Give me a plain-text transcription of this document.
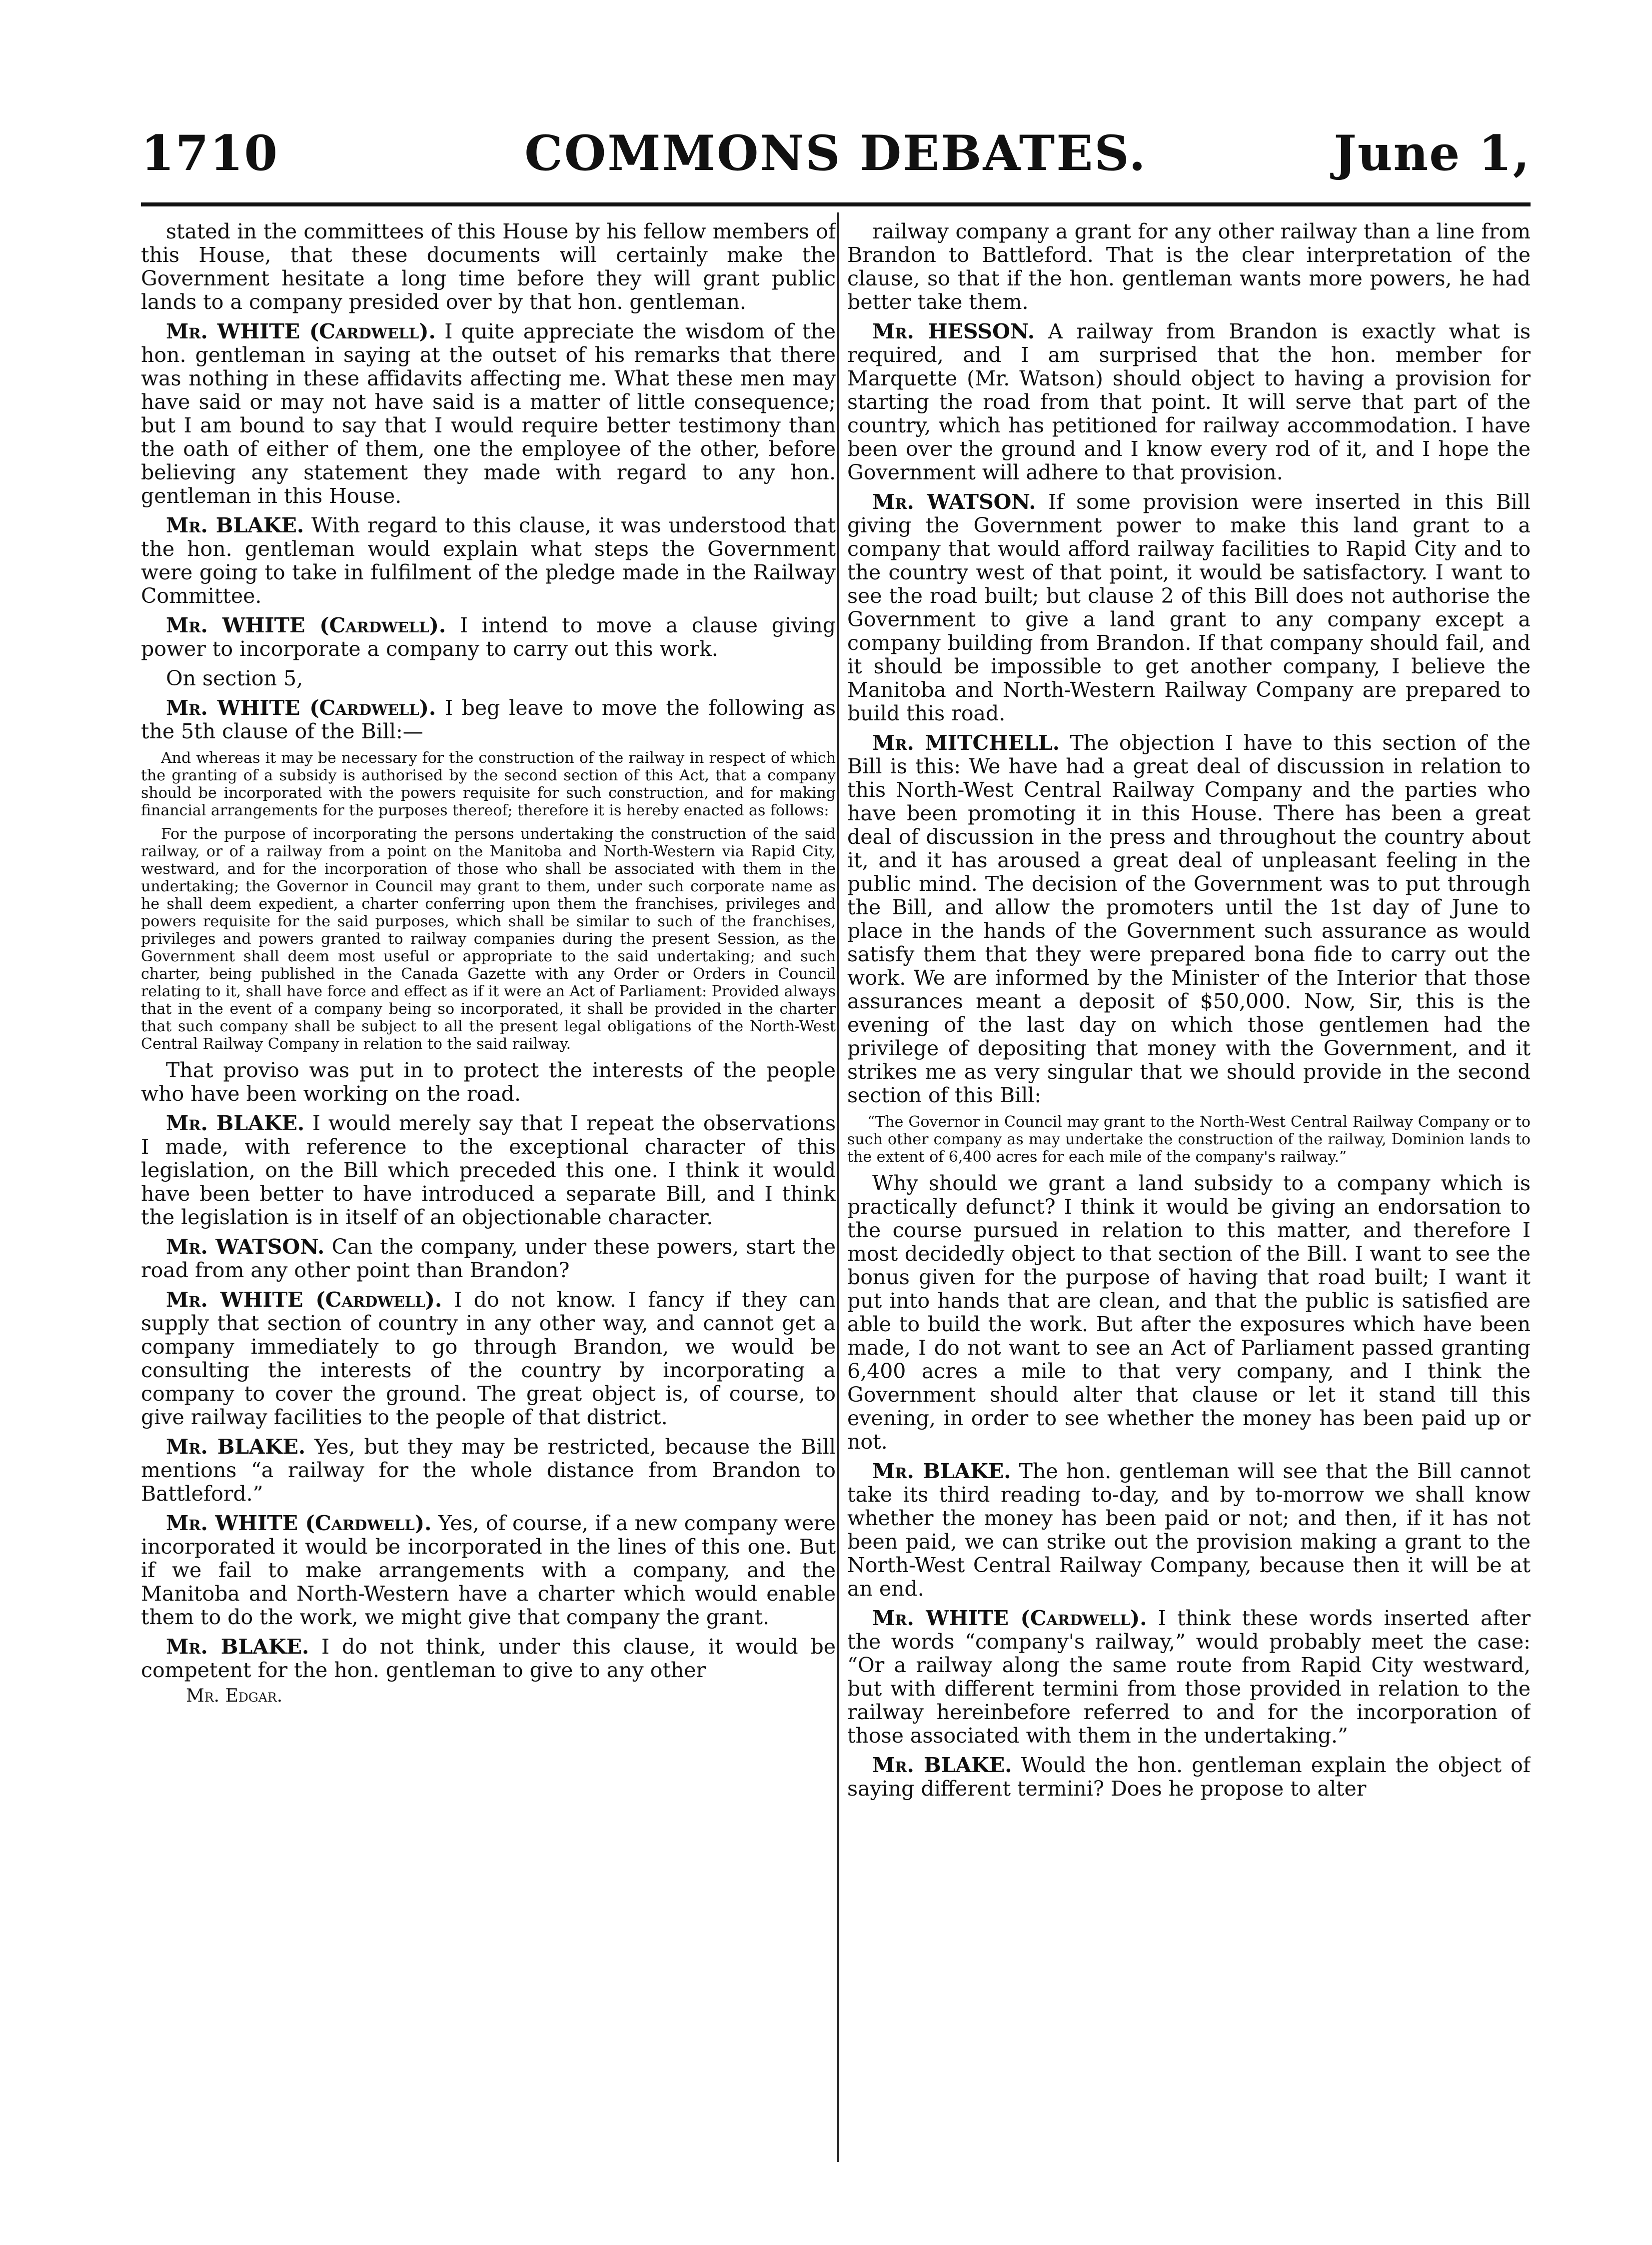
1710	COMMONS DEBATES.	June 1,

stated in the committees of this House by his fellow members of this House, that these documents will certainly make the Government hesitate a long time before they will grant public lands to a company presided over by that hon. gentleman.

Mr. WHITE (Cardwell). I quite appreciate the wisdom of the hon. gentleman in saying at the outset of his remarks that there was nothing in these affidavits affecting me. What these men may have said or may not have said is a matter of little consequence; but I am bound to say that I would require better testimony than the oath of either of them, one the employee of the other, before believing any statement they made with regard to any hon. gentleman in this House.

Mr. BLAKE. With regard to this clause, it was understood that the hon. gentleman would explain what steps the Government were going to take in fulfilment of the pledge made in the Railway Committee.

Mr. WHITE (Cardwell). I intend to move a clause giving power to incorporate a company to carry out this work.

On section 5,

Mr. WHITE (Cardwell). I beg leave to move the following as the 5th clause of the Bill:—

And whereas it may be necessary for the construction of the railway in respect of which the granting of a subsidy is authorised by the second section of this Act, that a company should be incorporated with the powers requisite for such construction, and for making financial arrangements for the purposes thereof; therefore it is hereby enacted as follows:

For the purpose of incorporating the persons undertaking the construction of the said railway, or of a railway from a point on the Manitoba and North-Western via Rapid City, westward, and for the incorporation of those who shall be associated with them in the undertaking; the Governor in Council may grant to them, under such corporate name as he shall deem expedient, a charter conferring upon them the franchises, privileges and powers requisite for the said purposes, which shall be similar to such of the franchises, privileges and powers granted to railway companies during the present Session, as the Government shall deem most useful or appropriate to the said undertaking; and such charter, being published in the Canada Gazette with any Order or Orders in Council relating to it, shall have force and effect as if it were an Act of Parliament: Provided always that in the event of a company being so incorporated, it shall be provided in the charter that such company shall be subject to all the present legal obligations of the North-West Central Railway Company in relation to the said railway.

That proviso was put in to protect the interests of the people who have been working on the road.

Mr. BLAKE. I would merely say that I repeat the observations I made, with reference to the exceptional character of this legislation, on the Bill which preceded this one. I think it would have been better to have introduced a separate Bill, and I think the legislation is in itself of an objectionable character.

Mr. WATSON. Can the company, under these powers, start the road from any other point than Brandon?

Mr. WHITE (Cardwell). I do not know. I fancy if they can supply that section of country in any other way, and cannot get a company immediately to go through Brandon, we would be consulting the interests of the country by incorporating a company to cover the ground. The great object is, of course, to give railway facilities to the people of that district.

Mr. BLAKE. Yes, but they may be restricted, because the Bill mentions “a railway for the whole distance from Brandon to Battleford.”

Mr. WHITE (Cardwell). Yes, of course, if a new company were incorporated it would be incorporated in the lines of this one. But if we fail to make arrangements with a company, and the Manitoba and North-Western have a charter which would enable them to do the work, we might give that company the grant.

Mr. BLAKE. I do not think, under this clause, it would be competent for the hon. gentleman to give to any other

Mr. Edgar.

railway company a grant for any other railway than a line from Brandon to Battleford. That is the clear interpretation of the clause, so that if the hon. gentleman wants more powers, he had better take them.

Mr. HESSON. A railway from Brandon is exactly what is required, and I am surprised that the hon. member for Marquette (Mr. Watson) should object to having a provision for starting the road from that point. It will serve that part of the country, which has petitioned for railway accommodation. I have been over the ground and I know every rod of it, and I hope the Government will adhere to that provision.

Mr. WATSON. If some provision were inserted in this Bill giving the Government power to make this land grant to a company that would afford railway facilities to Rapid City and to the country west of that point, it would be satisfactory. I want to see the road built; but clause 2 of this Bill does not authorise the Government to give a land grant to any company except a company building from Brandon. If that company should fail, and it should be impossible to get another company, I believe the Manitoba and North-Western Railway Company are prepared to build this road.

Mr. MITCHELL. The objection I have to this section of the Bill is this: We have had a great deal of discussion in relation to this North-West Central Railway Company and the parties who have been promoting it in this House. There has been a great deal of discussion in the press and throughout the country about it, and it has aroused a great deal of unpleasant feeling in the public mind. The decision of the Government was to put through the Bill, and allow the promoters until the 1st day of June to place in the hands of the Government such assurance as would satisfy them that they were prepared bona fide to carry out the work. We are informed by the Minister of the Interior that those assurances meant a deposit of $50,000. Now, Sir, this is the evening of the last day on which those gentlemen had the privilege of depositing that money with the Government, and it strikes me as very singular that we should provide in the second section of this Bill:

“The Governor in Council may grant to the North-West Central Railway Company or to such other company as may undertake the construction of the railway, Dominion lands to the extent of 6,400 acres for each mile of the company's railway.”

Why should we grant a land subsidy to a company which is practically defunct? I think it would be giving an endorsation to the course pursued in relation to this matter, and therefore I most decidedly object to that section of the Bill. I want to see the bonus given for the purpose of having that road built; I want it put into hands that are clean, and that the public is satisfied are able to build the work. But after the exposures which have been made, I do not want to see an Act of Parliament passed granting 6,400 acres a mile to that very company, and I think the Government should alter that clause or let it stand till this evening, in order to see whether the money has been paid up or not.

Mr. BLAKE. The hon. gentleman will see that the Bill cannot take its third reading to-day, and by to-morrow we shall know whether the money has been paid or not; and then, if it has not been paid, we can strike out the provision making a grant to the North-West Central Railway Company, because then it will be at an end.

Mr. WHITE (Cardwell). I think these words inserted after the words “company's railway,” would probably meet the case: “Or a railway along the same route from Rapid City westward, but with different termini from those provided in relation to the railway hereinbefore referred to and for the incorporation of those associated with them in the undertaking.”

Mr. BLAKE. Would the hon. gentleman explain the object of saying different termini? Does he propose to alter
